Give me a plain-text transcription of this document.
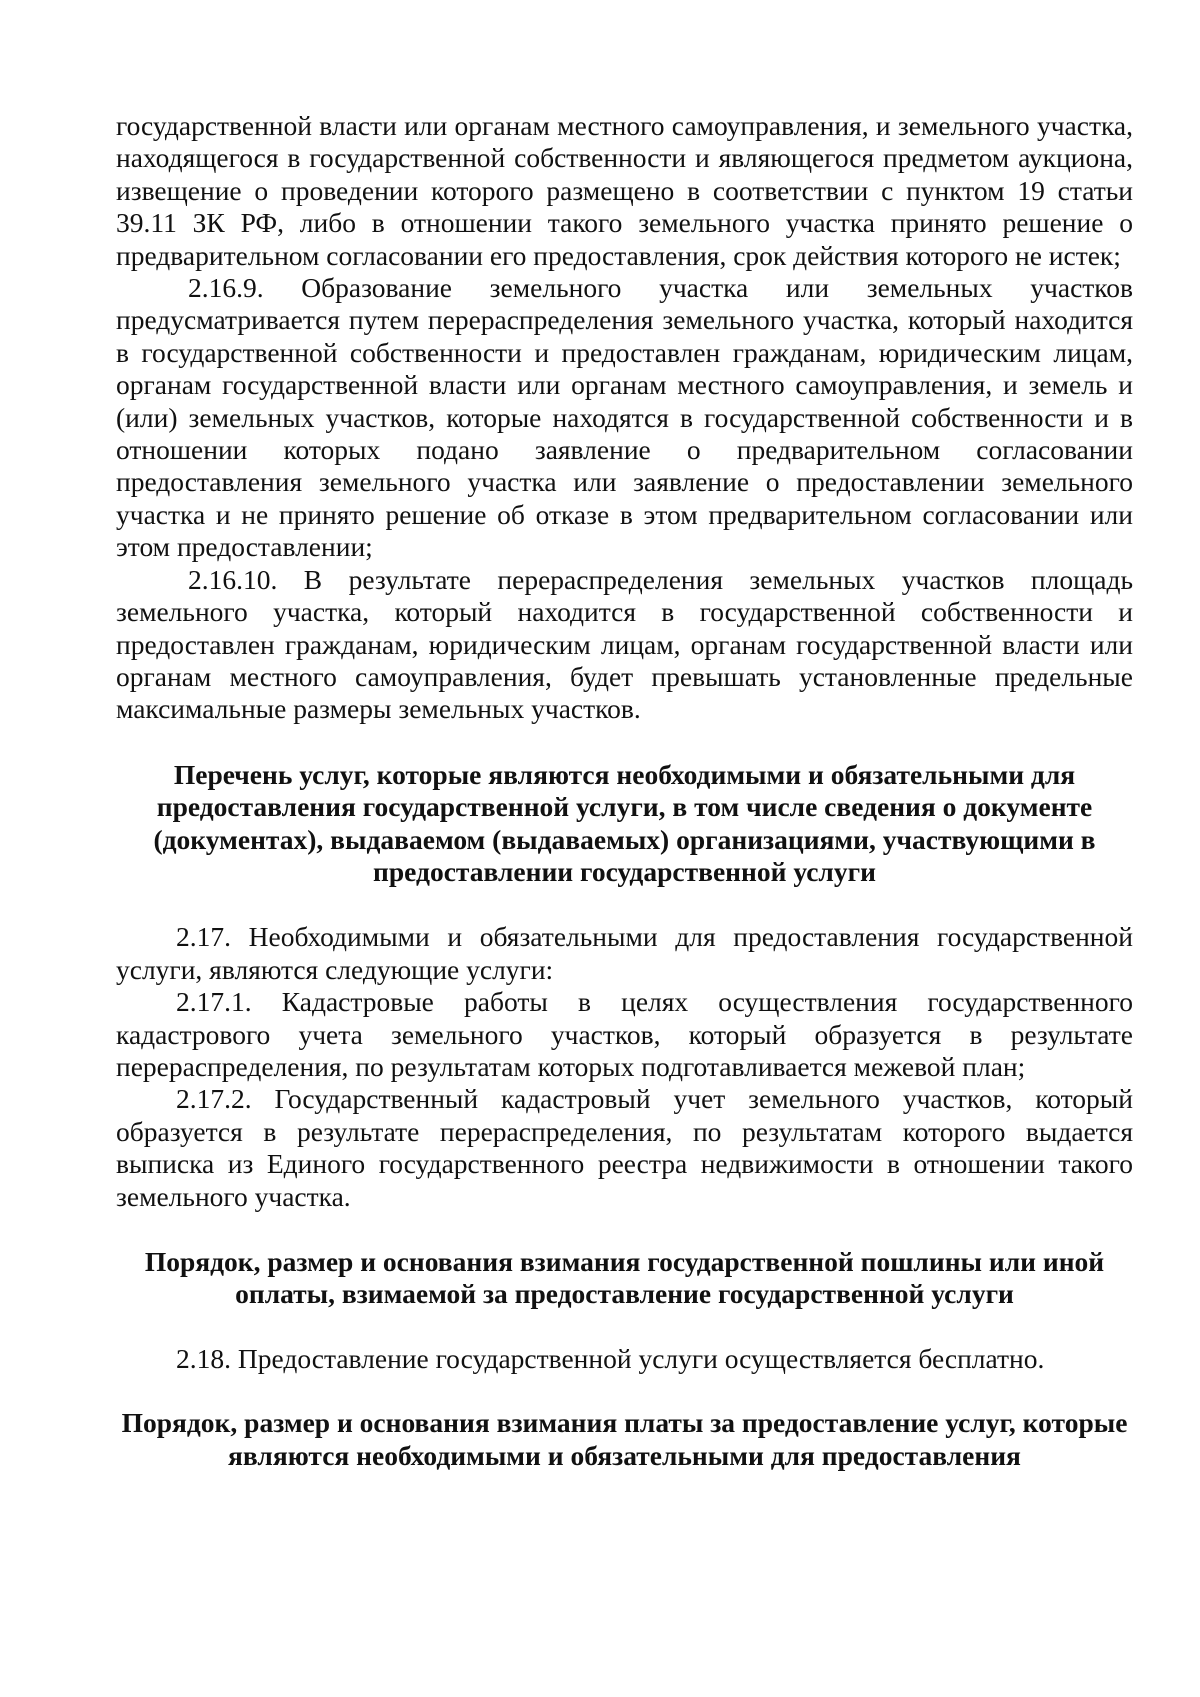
государственной власти или органам местного самоуправления, и земельного участка, находящегося в государственной собственности и являющегося предметом аукциона, извещение о проведении которого размещено в соответствии с пунктом 19 статьи 39.11 ЗК РФ, либо в отношении такого земельного участка принято решение о предварительном согласовании его предоставления, срок действия которого не истек;

2.16.9. Образование земельного участка или земельных участков предусматривается путем перераспределения земельного участка, который находится в государственной собственности и предоставлен гражданам, юридическим лицам, органам государственной власти или органам местного самоуправления, и земель и (или) земельных участков, которые находятся в государственной собственности и в отношении которых подано заявление о предварительном согласовании предоставления земельного участка или заявление о предоставлении земельного участка и не принято решение об отказе в этом предварительном согласовании или этом предоставлении;

2.16.10. В результате перераспределения земельных участков площадь земельного участка, который находится в государственной собственности и предоставлен гражданам, юридическим лицам, органам государственной власти или органам местного самоуправления, будет превышать установленные предельные максимальные размеры земельных участков.

Перечень услуг, которые являются необходимыми и обязательными для предоставления государственной услуги, в том числе сведения о документе (документах), выдаваемом (выдаваемых) организациями, участвующими в предоставлении государственной услуги

2.17. Необходимыми и обязательными для предоставления государственной услуги, являются следующие услуги:

2.17.1. Кадастровые работы в целях осуществления государственного кадастрового учета земельного участков, который образуется в результате перераспределения, по результатам которых подготавливается межевой план;

2.17.2. Государственный кадастровый учет земельного участков, который образуется в результате перераспределения, по результатам которого выдается выписка из Единого государственного реестра недвижимости в отношении такого земельного участка.

Порядок, размер и основания взимания государственной пошлины или иной оплаты, взимаемой за предоставление государственной услуги

2.18. Предоставление государственной услуги осуществляется бесплатно.

Порядок, размер и основания взимания платы за предоставление услуг, которые являются необходимыми и обязательными для предоставления
